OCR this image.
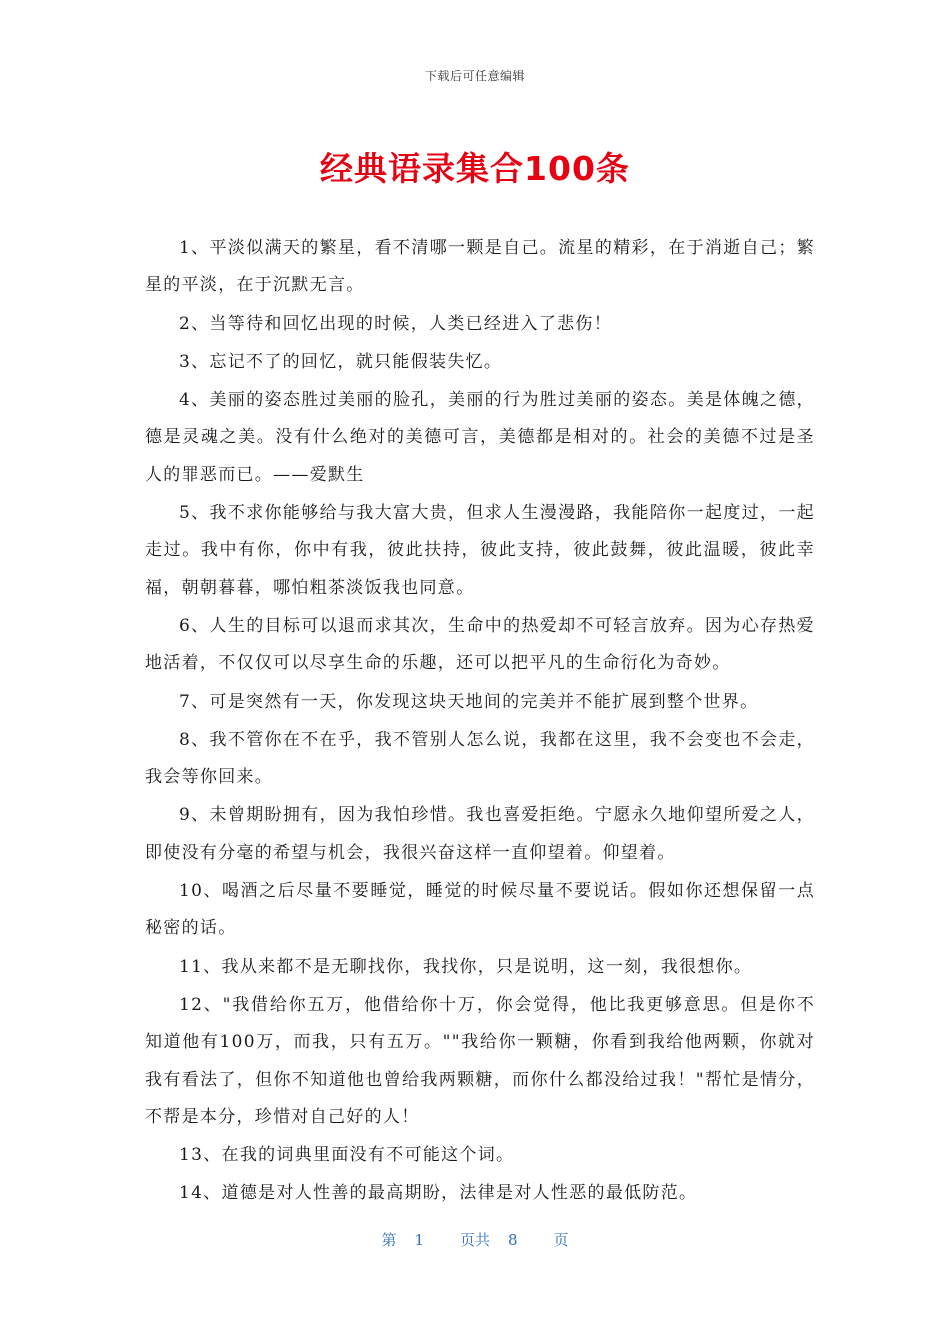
下载后可任意编辑
经典语录集合100条

1、平淡似满天的繁星，看不清哪一颗是自己。流星的精彩，在于消逝自己；繁星的平淡，在于沉默无言。

2、当等待和回忆出现的时候，人类已经进入了悲伤！

3、忘记不了的回忆，就只能假装失忆。

4、美丽的姿态胜过美丽的脸孔，美丽的行为胜过美丽的姿态。美是体魄之德，德是灵魂之美。没有什么绝对的美德可言，美德都是相对的。社会的美德不过是圣人的罪恶而已。——爱默生

5、我不求你能够给与我大富大贵，但求人生漫漫路，我能陪你一起度过，一起走过。我中有你，你中有我，彼此扶持，彼此支持，彼此鼓舞，彼此温暖，彼此幸福，朝朝暮暮，哪怕粗茶淡饭我也同意。

6、人生的目标可以退而求其次，生命中的热爱却不可轻言放弃。因为心存热爱地活着，不仅仅可以尽享生命的乐趣，还可以把平凡的生命衍化为奇妙。

7、可是突然有一天，你发现这块天地间的完美并不能扩展到整个世界。

8、我不管你在不在乎，我不管别人怎么说，我都在这里，我不会变也不会走，我会等你回来。

9、未曾期盼拥有，因为我怕珍惜。我也喜爱拒绝。宁愿永久地仰望所爱之人，即使没有分毫的希望与机会，我很兴奋这样一直仰望着。仰望着。

10、喝酒之后尽量不要睡觉，睡觉的时候尽量不要说话。假如你还想保留一点秘密的话。

11、我从来都不是无聊找你，我找你，只是说明，这一刻，我很想你。

12、"我借给你五万，他借给你十万，你会觉得，他比我更够意思。但是你不知道他有100万，而我，只有五万。""我给你一颗糖，你看到我给他两颗，你就对我有看法了，但你不知道他也曾给我两颗糖，而你什么都没给过我！"帮忙是情分，不帮是本分，珍惜对自己好的人！

13、在我的词典里面没有不可能这个词。

14、道德是对人性善的最高期盼，法律是对人性恶的最低防范。

第 1 页共 8 页
